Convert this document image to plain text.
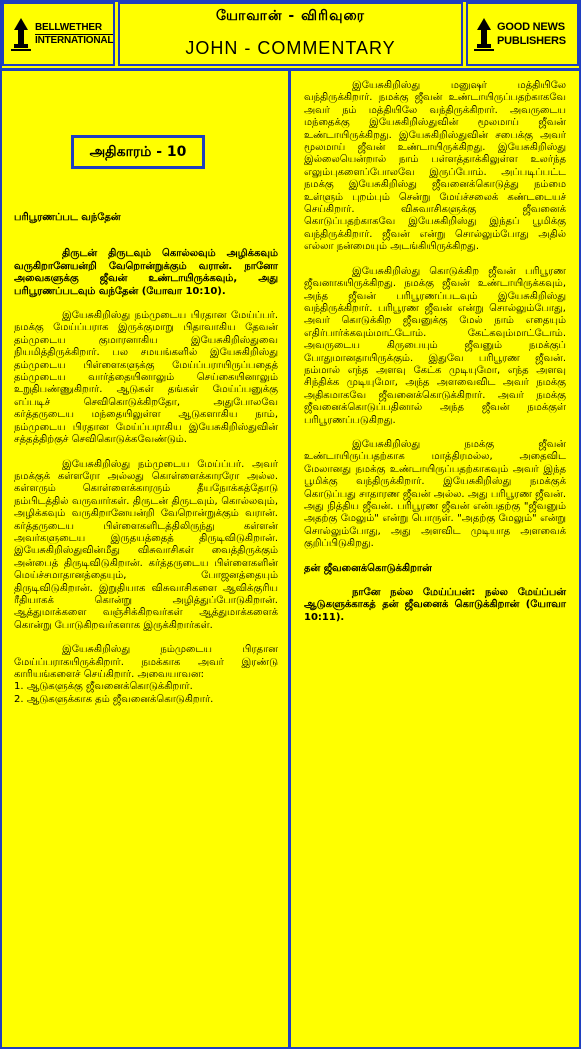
BELLWETHER
INTERNATIONAL
யோவான் - விரிவுரை
JOHN - COMMENTARY
GOOD NEWS
PUBLISHERS
அதிகாரம் - 10

பரிபூரணப்பட வந்தேன்

திருடன் திருடவும் கொல்லவும் அழிக்கவும் வருகிறானேயன்றி வேறொன்றுக்கும் வரான். நானோ அவைகளுக்கு ஜீவன் உண்டாயிருக்கவும், அது பரிபூரணப்படவும் வந்தேன் (யோவா 10:10).

இயேசுகிறிஸ்து நம்முடைய பிரதான மேய்ப்பர். நமக்கு மேய்ப்பராக இருக்குமாறு பிதாவாகிய தேவன் தம்முடைய குமாரனாகிய இயேசுகிறிஸ்துவை நியமித்திருக்கிறார். பல சமயங்களில் இயேசுகிறிஸ்து தம்முடைய பிள்ளைகளுக்கு மேய்ப்பராயிருப்பதைத் தம்முடைய வார்த்தையினாலும் செய்கையினாலும் உறுதிபண்ணுகிறார். ஆடுகள் தங்கள் மேய்ப்பனுக்கு எப்படிச் செவிகொடுக்கிறதோ, அதுபோலவே கர்த்தருடைய மந்தையிலுள்ள ஆடுகளாகிய நாம், நம்முடைய பிரதான மேய்ப்பராகிய இயேசுகிறிஸ்துவின் சத்தத்திற்குச் செவிகொடுக்கவேண்டும்.

இயேசுகிறிஸ்து நம்முடைய மேய்ப்பர். அவர் நமக்குக் கள்ளரோ அல்லது கொள்ளைக்காரரோ அல்ல. கள்ளரும் கொள்ளைக்காரரும் தீயநோக்கத்தோடு நம்பிடத்தில் வருவார்கள். திருடன் திருடவும், கொல்லவும், அழிக்கவும் வருகிறானேயன்றி வேறொன்றுக்கும் வரான். கர்த்தருடைய பிள்ளைகளிடத்திலிருந்து கள்ளன் அவர்களுடைய இருதயத்தைத் திருடிவிடுகிறான். இயேசுகிறிஸ்துவின்மீது விசுவாசிகள் வைத்திருக்கும் அன்பைத் திருடிவிடுகிறான். கர்த்தருடைய பிள்ளைகளின் மெய்ச்சமாதானத்தையும், போஜனத்தையும் திருடிவிடுகிறான். இறுதியாக விசுவாசிகளை ஆவிக்குரிய ரீதியாகக் கொன்று அழித்துப்போடுகிறான். ஆத்துமாக்களை வஞ்சிக்கிறவர்கள் ஆத்துமாக்களைக் கொன்று போடுகிறவர்களாக இருக்கிறார்கள்.

இயேசுகிறிஸ்து நம்முடைய பிரதான மேய்ப்பராகயிருக்கிறார். நமக்காக அவர் இரண்டு காரியங்களைச் செய்கிறார். அவையாவன:

1. ஆடுகளுக்கு ஜீவனைக்கொடுக்கிறார்.

2. ஆடுகளுக்காக தம் ஜீவனைக்கொடுகிறார்.

இயேசுகிறிஸ்து மனுஷர் மத்தியிலே வந்திருக்கிறார். நமக்கு ஜீவன் உண்டாயிருப்பதற்காகவே அவர் நம் மத்தியிலே வந்திருக்கிறார். அவருடைய மந்தைக்கு இயேசுகிறிஸ்துவின் மூலமாய் ஜீவன் உண்டாயிருக்கிறது. இயேசுகிறிஸ்துவின் சபைக்கு அவர் மூலமாய் ஜீவன் உண்டாயிருக்கிறது. இயேசுகிறிஸ்து இல்லையென்றால் நாம் பள்ளத்தாக்கிலுள்ள உலர்ந்த எலும்புகளைப்போலவே இருப்போம். அப்படிப்பட்ட நமக்கு இயேசுகிறிஸ்து ஜீவனைக்கொடுத்து நம்மை உள்ளும் புறம்பும் சென்று மேய்ச்சலைக் கண்டடையச் செய்கிறார். விசுவாசிகளுக்கு ஜீவனைக் கொடுப்பதற்காகவே இயேசுகிறிஸ்து இந்தப் பூமிக்கு வந்திருக்கிறார். ஜீவன் என்று சொல்லும்போது அதில் எல்லா நன்மையும் அடங்கியிருக்கிறது.

இயேசுகிறிஸ்து கொடுக்கிற ஜீவன் பரிபூரண ஜீவனாகயிருக்கிறது. நமக்கு ஜீவன் உண்டாயிருக்கவும், அந்த ஜீவன் பரிபூரணப்படவும் இயேசுகிறிஸ்து வந்திருக்கிறார். பரிபூரண ஜீவன் என்று சொல்லும்போது, அவர் கொடுக்கிற ஜீவனுக்கு மேல் நாம் எதையும் எதிர்பார்க்கவும்மாட்டோம். கேட்கவும்மாட்டோம். அவருடைய கிருபையும் ஜீவனும் நமக்குப் போதுமானதாயிருக்கும். இதுவே பரிபூரண ஜீவன். நம்மால் எந்த அளவு கேட்க முடியுமோ, எந்த அளவு சிந்திக்க முடியுமோ, அந்த அளவைவிட அவர் நமக்கு அதிகமாகவே ஜீவனைக்கொடுக்கிறார். அவர் நமக்கு ஜீவனைக்கொடுப்பதினால் அந்த ஜீவன் நமக்குள் பரிபூரணப்படுகிறது.

இயேசுகிறிஸ்து நமக்கு ஜீவன் உண்டாயிருப்பதற்காக மாத்திரமல்ல, அதைவிட மேலானது நமக்கு உண்டாயிருப்பதற்காகவும் அவர் இந்த பூமிக்கு வந்திருக்கிறார். இயேசுகிறிஸ்து நமக்குக் கொடுப்பது சாதாரண ஜீவன் அல்ல. அது பரிபூரண ஜீவன். அது நித்திய ஜீவன். பரிபூரண ஜீவன் என்பதற்கு "ஜீவனும் அதற்கு மேலும்" என்று பொருள். "அதற்கு மேலும்" என்று சொல்லும்போது, அது அளவிட முடியாத அளவைக் குறிப்பிடுகிறது.

தன் ஜீவனைக்கொடுக்கிறான்

நானே நல்ல மேய்ப்பன்: நல்ல மேய்ப்பன் ஆடுகளுக்காகத் தன் ஜீவனைக் கொடுக்கிறான் (யோவா 10:11).
